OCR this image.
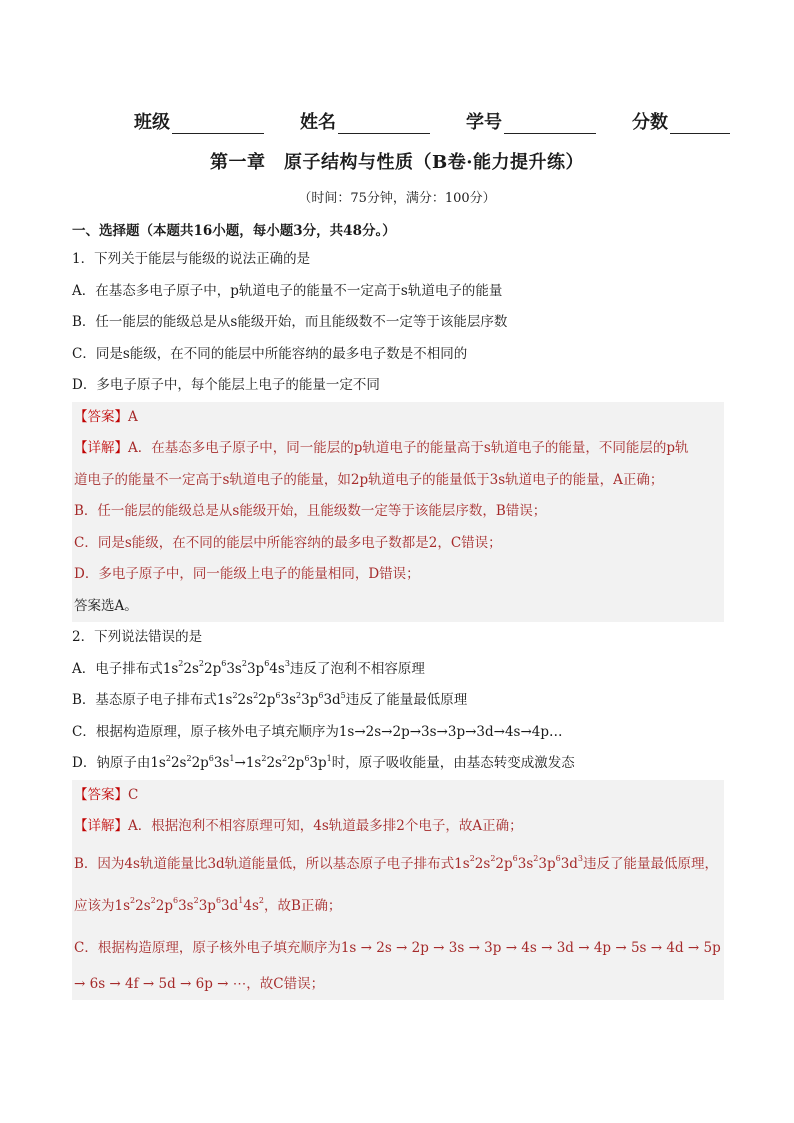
班级	姓名	学号	分数
第一章　原子结构与性质（B卷·能力提升练）
（时间：75分钟，满分：100分）
一、选择题（本题共16小题，每小题3分，共48分。）
1．下列关于能层与能级的说法正确的是
A．在基态多电子原子中，p轨道电子的能量不一定高于s轨道电子的能量
B．任一能层的能级总是从s能级开始，而且能级数不一定等于该能层序数
C．同是s能级，在不同的能层中所能容纳的最多电子数是不相同的
D．多电子原子中，每个能层上电子的能量一定不同
【答案】A
【详解】A．在基态多电子原子中，同一能层的p轨道电子的能量高于s轨道电子的能量，不同能层的p轨
道电子的能量不一定高于s轨道电子的能量，如2p轨道电子的能量低于3s轨道电子的能量，A正确；
B．任一能层的能级总是从s能级开始，且能级数一定等于该能层序数，B错误；
C．同是s能级，在不同的能层中所能容纳的最多电子数都是2，C错误；
D．多电子原子中，同一能级上电子的能量相同，D错误；
答案选A。
2．下列说法错误的是
A．电子排布式$1s^22s^22p^63s^23p^64s^3$违反了泡利不相容原理
B．基态原子电子排布式$1s^22s^22p^63s^23p^63d^5$违反了能量最低原理
C．根据构造原理，原子核外电子填充顺序为1s→2s→2p→3s→3p→3d→4s→4p…
D．钠原子由$1s^22s^22p^63s^1\to 1s^22s^22p^63p^1$时，原子吸收能量，由基态转变成激发态
【答案】C
【详解】A．根据泡利不相容原理可知，4s轨道最多排2个电子，故A正确；
B．因为4s轨道能量比3d轨道能量低，所以基态原子电子排布式$1s^22s^22p^63s^23p^63d^3$违反了能量最低原理，
应该为$1s^22s^22p^63s^23p^63d^14s^2$，故B正确；
C．根据构造原理，原子核外电子填充顺序为1s → 2s → 2p → 3s → 3p → 4s → 3d → 4p → 5s → 4d → 5p
→ 6s → 4f → 5d → 6p → ⋯，故C错误；
